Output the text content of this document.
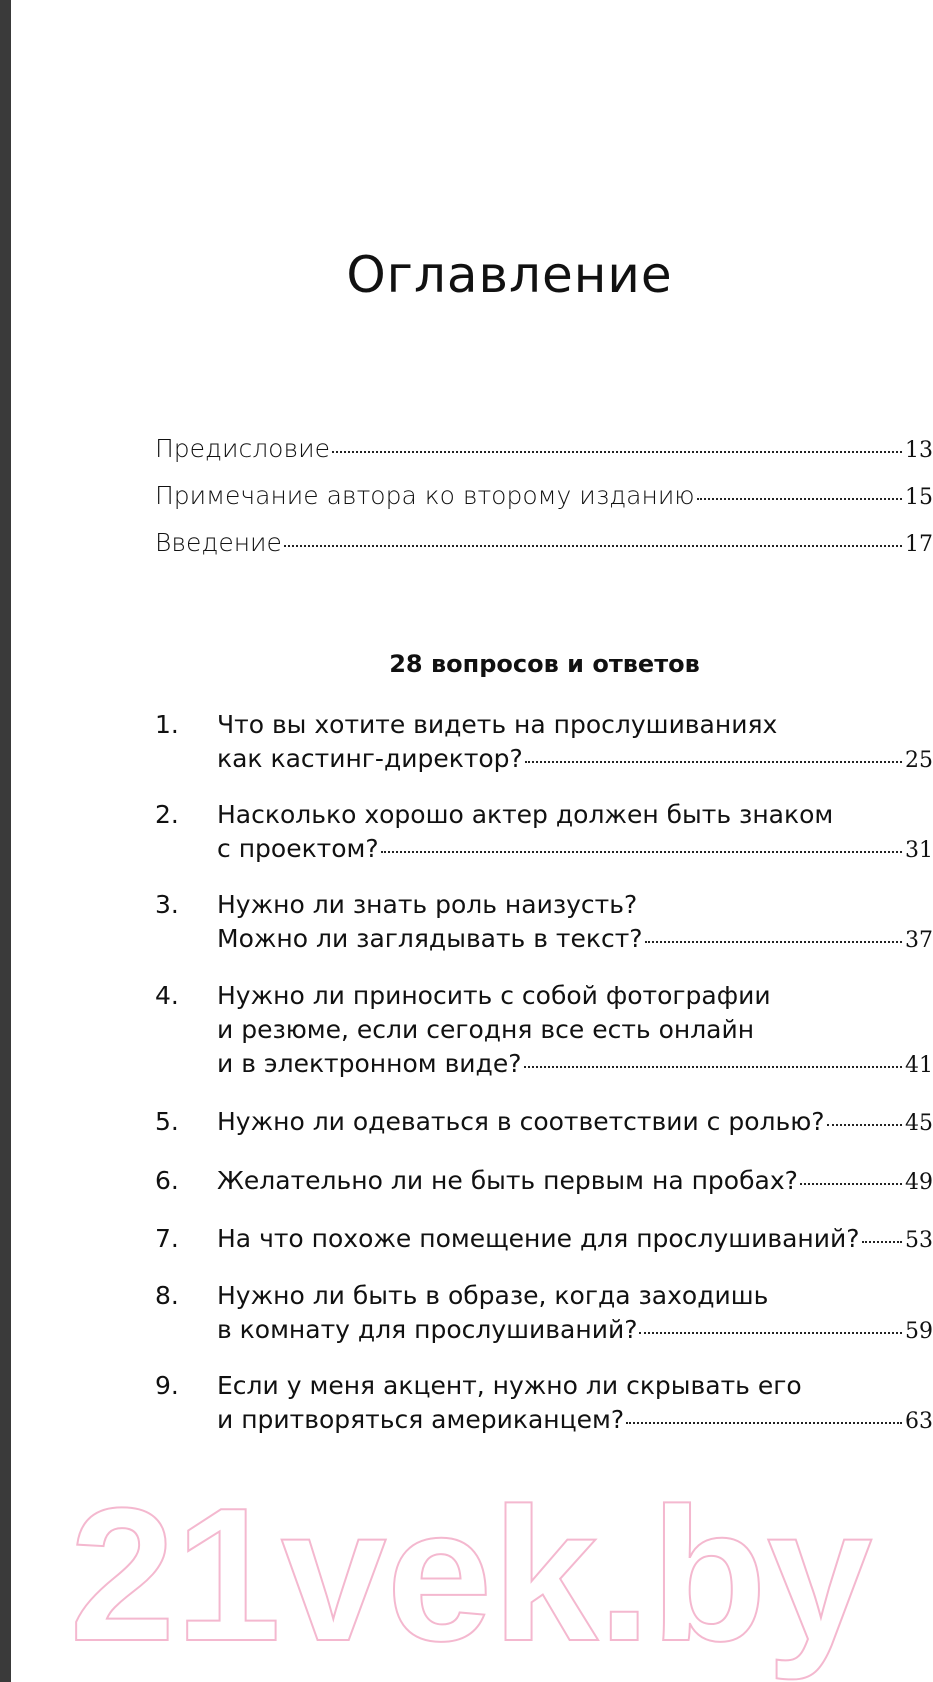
Оглавление
Предисловие	13
Примечание автора ко второму изданию	15
Введение	17
28 вопросов и ответов
1. Что вы хотите видеть на прослушиваниях
как кастинг-директор?	25
2. Насколько хорошо актер должен быть знаком
с проектом?	31
3. Нужно ли знать роль наизусть?
Можно ли заглядывать в текст?	37
4. Нужно ли приносить с собой фотографии
и резюме, если сегодня все есть онлайн
и в электронном виде?	41
5. Нужно ли одеваться в соответствии с ролью?	45
6. Желательно ли не быть первым на пробах?	49
7. На что похоже помещение для прослушиваний? 53
8. Нужно ли быть в образе, когда заходишь
в комнату для прослушиваний?	59
9. Если у меня акцент, нужно ли скрывать его
и притворяться американцем?	63
21vek.by
